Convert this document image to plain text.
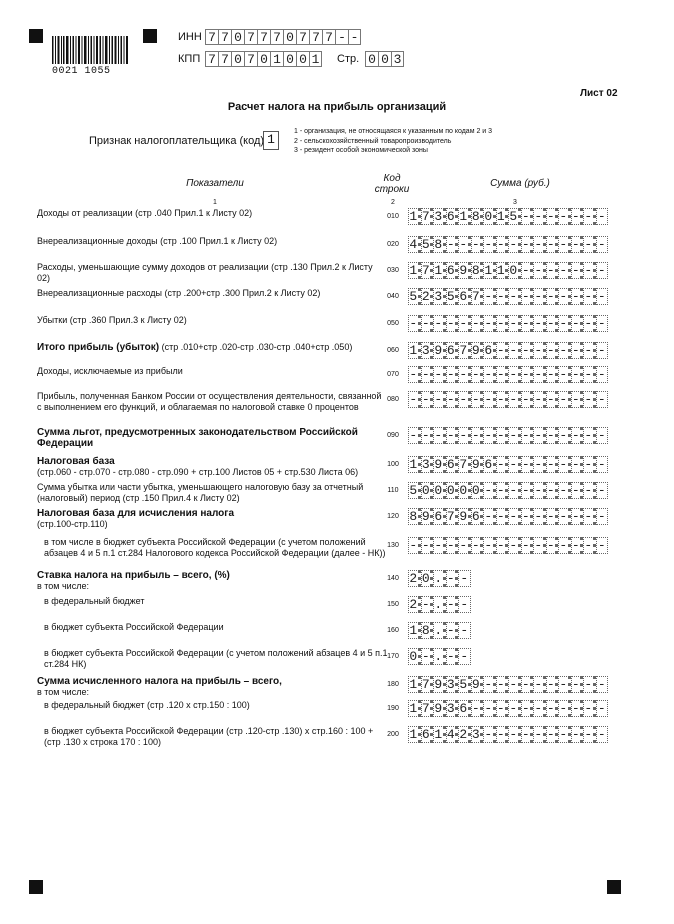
0021 1055
ИНН 7 7 0 7 7 7 0 7 7 7 - -
КПП 7 7 0 7 0 1 0 0 1 Стр. 0 0 3
Лист 02
Расчет налога на прибыль организаций
Признак налогоплательщика (код) 1
1 - организация, не относящаяся к указанным по кодам 2 и 3
2 - сельскохозяйственный товаропроизводитель
3 - резидент особой экономической зоны
Показатели	Код
строки
Сумма (руб.)
1	2	3
Доходы от реализации (стр .040 Прил.1 к Листу 02)	010 1 7 3 6 1 8 0 1 5 - - - - - - -
Внереализационные доходы (стр .100 Прил.1 к Листу 02)	020 4 5 8 - - - - - - - - - - - - -
Расходы, уменьшающие сумму доходов от реализации (стр .130 Прил.2 к Листу 02)
030 1 7 1 6 9 8 1 1 0 - - - - - - -
Внереализационные расходы (стр .200+стр .300 Прил.2 к Листу 02)	040 5 2 3 5 6 7 - - - - - - - - - -
Убытки (стр .360 Прил.3 к Листу 02)	050 - - - - - - - - - - - - - - - -
Итого прибыль (убыток) (стр .010+стр .020-стр .030-стр .040+стр .050)	060 1 3 9 6 7 9 6 - - - - - - - - -
Доходы, исключаемые из прибыли	070 - - - - - - - - - - - - - - - -
Прибыль, полученная Банком России от осуществления деятельности, связанной с выполнением его функций, и облагаемая по налоговой ставке 0 процентов
080 - - - - - - - - - - - - - - - -
Сумма льгот, предусмотренных законодательством Российской Федерации
090 - - - - - - - - - - - - - - - -
Налоговая база
(стр.060 - стр.070 - стр.080 - стр.090 + стр.100 Листов 05 + стр.530 Листа 06)
100 1 3 9 6 7 9 6 - - - - - - - - -
Сумма убытка или части убытка, уменьшающего налоговую базу за отчетный (налоговый) период (стр .150 Прил.4 к Листу 02)
110 5 0 0 0 0 0 - - - - - - - - - -
Налоговая база для исчисления налога
(стр.100-стр.110)
120 8 9 6 7 9 6 - - - - - - - - - -
в том числе в бюджет субъекта Российской Федерации (с учетом положений абзацев 4 и 5 п.1 ст.284 Налогового кодекса Российской Федерации (далее - НК))
130 - - - - - - - - - - - - - - - -
Ставка налога на прибыль – всего, (%)
в том числе:
140 2 0 . - -
в федеральный бюджет	150 2 - . - -
в бюджет субъекта Российской Федерации	160 1 8 . - -
в бюджет субъекта Российской Федерации (с учетом положений абзацев 4 и 5 п.1 ст.284 НК)
170 0 - . - -
Сумма исчисленного налога на прибыль – всего,
в том числе:
180 1 7 9 3 5 9 - - - - - - - - - -
в федеральный бюджет (стр .120 х стр.150 : 100)	190 1 7 9 3 6 - - - - - - - - - - -
в бюджет субъекта Российской Федерации (стр .120-стр .130) х стр.160 : 100 + (стр .130 х строка 170 : 100)
200 1 6 1 4 2 3 - - - - - - - - - -
